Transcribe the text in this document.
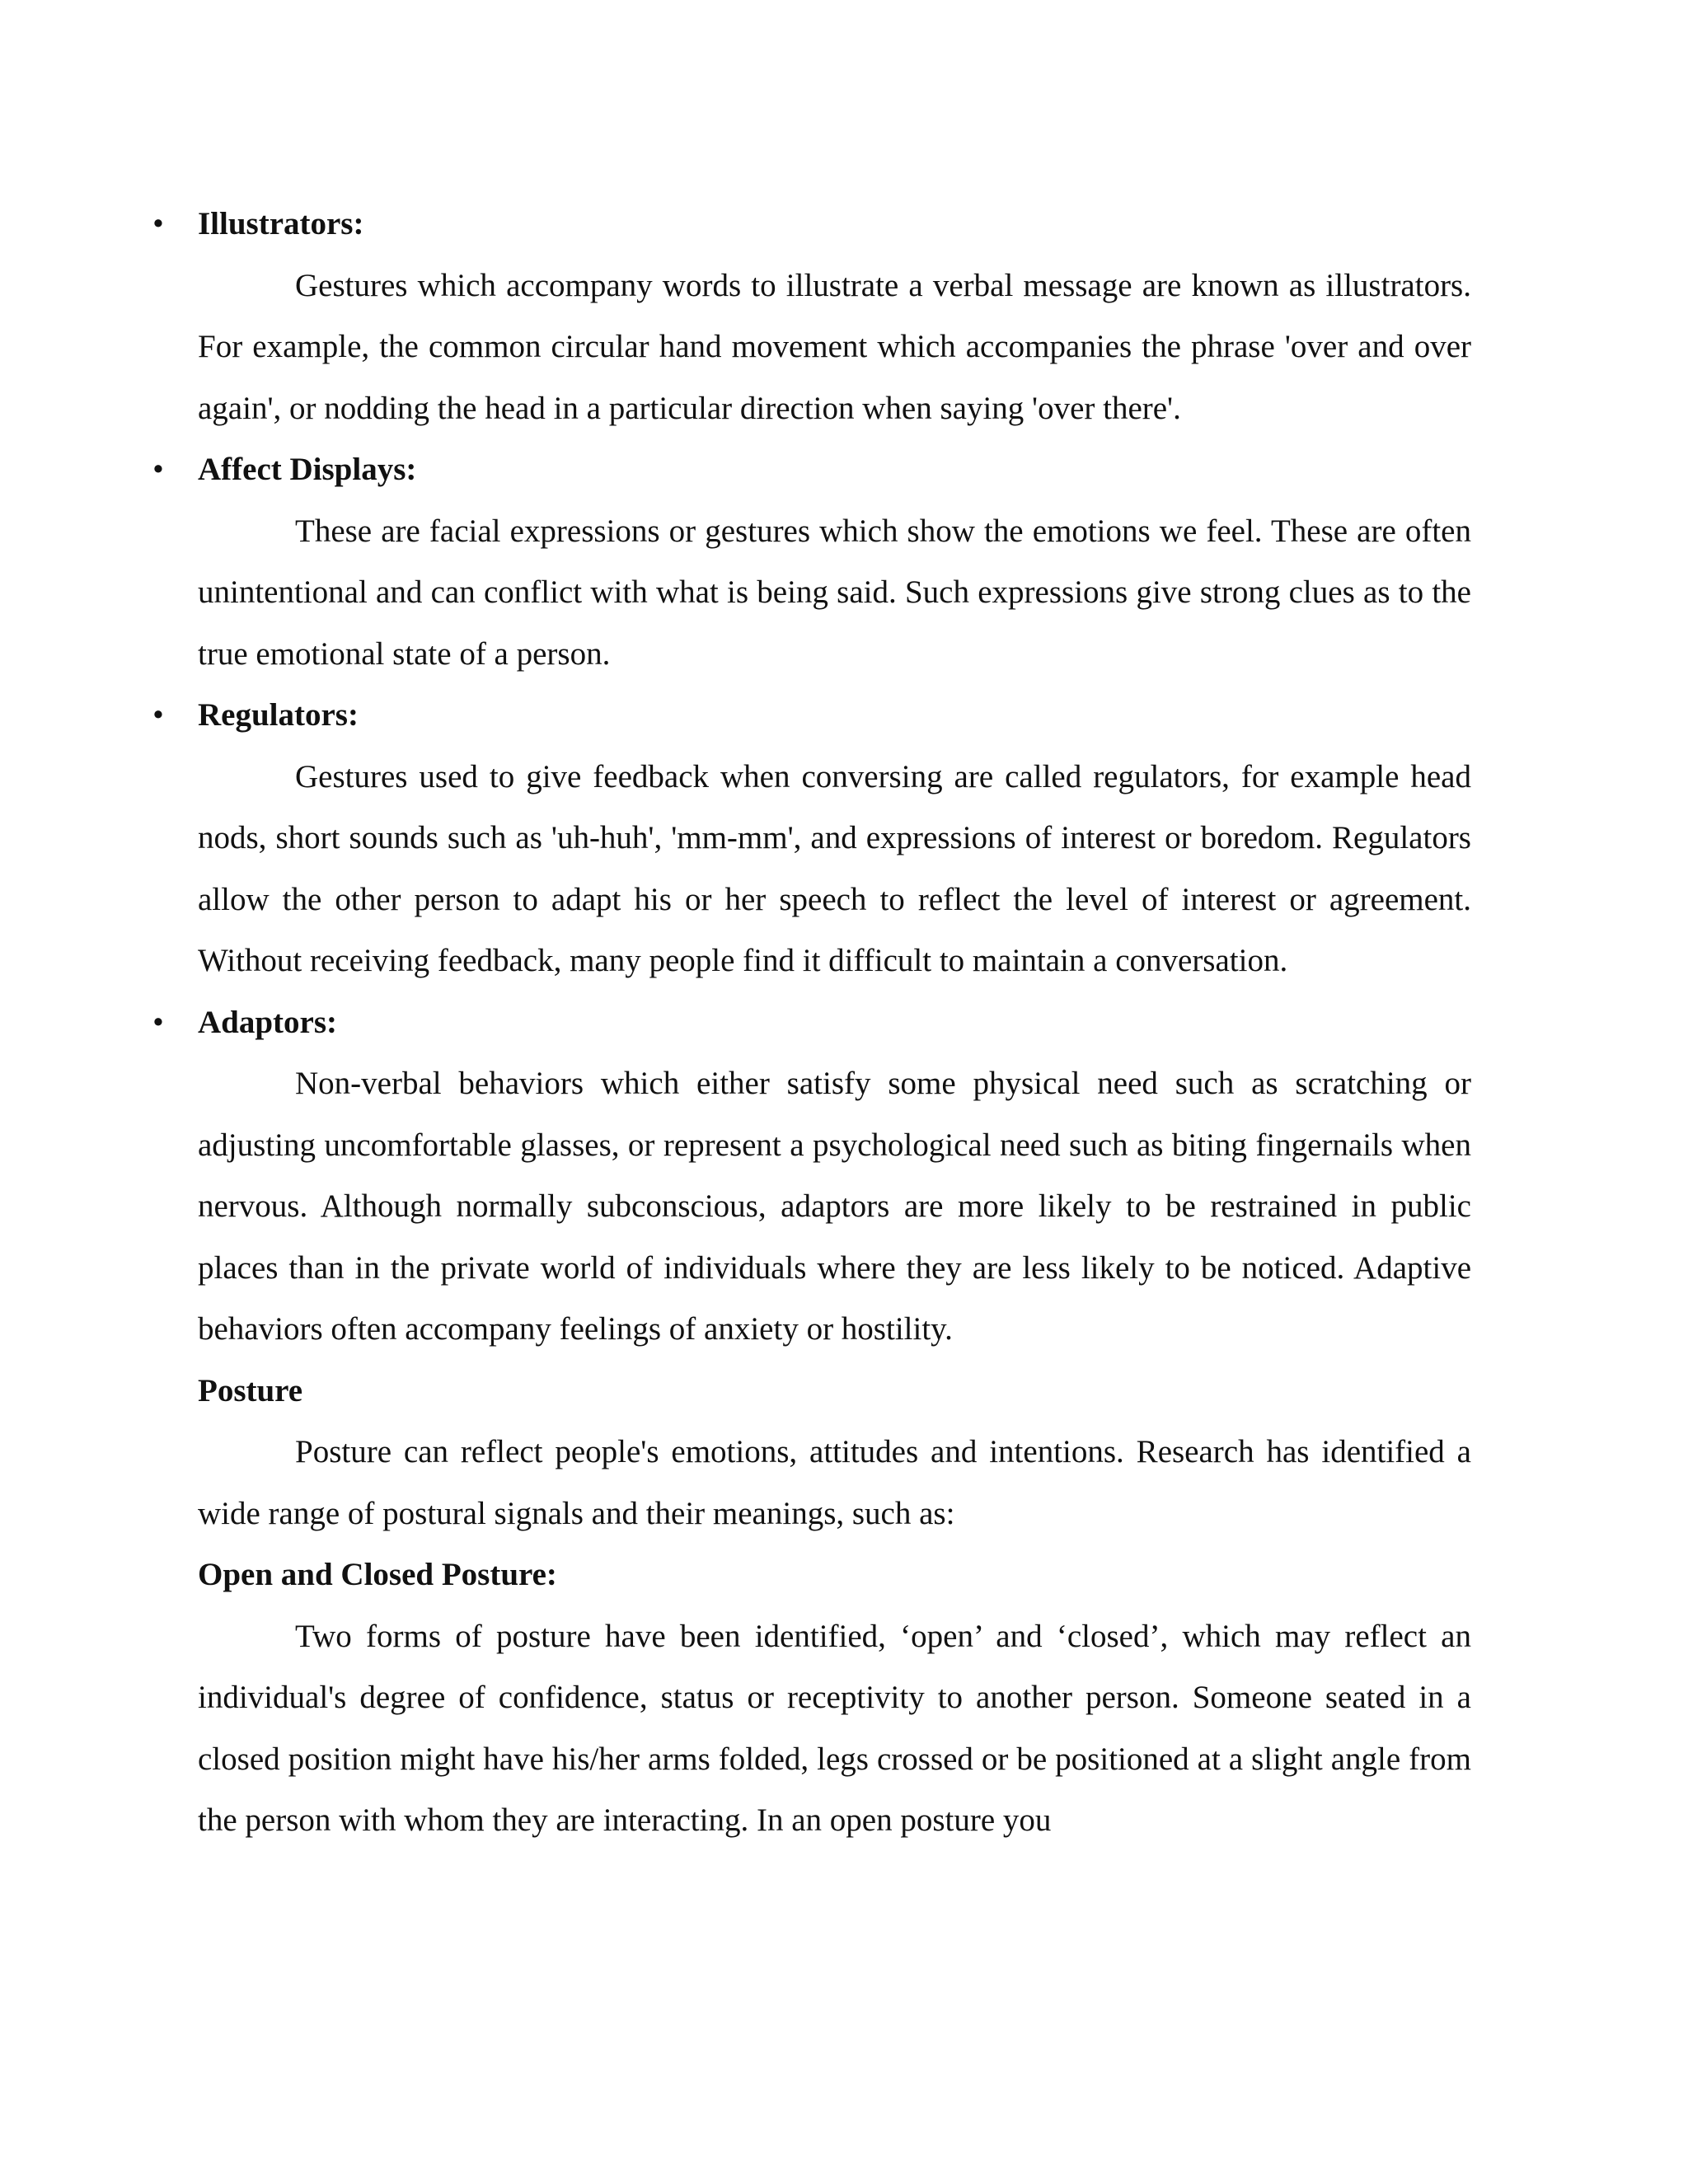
• Illustrators:

Gestures which accompany words to illustrate a verbal message are known as illustrators. For example, the common circular hand movement which accompanies the phrase 'over and over again', or nodding the head in a particular direction when saying 'over there'.

• Affect Displays:

These are facial expressions or gestures which show the emotions we feel. These are often unintentional and can conflict with what is being said. Such expressions give strong clues as to the true emotional state of a person.

• Regulators:

Gestures used to give feedback when conversing are called regulators, for example head nods, short sounds such as 'uh-huh', 'mm-mm', and expressions of interest or boredom. Regulators allow the other person to adapt his or her speech to reflect the level of interest or agreement. Without receiving feedback, many people find it difficult to maintain a conversation.

• Adaptors:

Non-verbal behaviors which either satisfy some physical need such as scratching or adjusting uncomfortable glasses, or represent a psychological need such as biting fingernails when nervous. Although normally subconscious, adaptors are more likely to be restrained in public places than in the private world of individuals where they are less likely to be noticed. Adaptive behaviors often accompany feelings of anxiety or hostility.

Posture

Posture can reflect people's emotions, attitudes and intentions. Research has identified a wide range of postural signals and their meanings, such as:

Open and Closed Posture:

Two forms of posture have been identified, ‘open’ and ‘closed’, which may reflect an individual's degree of confidence, status or receptivity to another person. Someone seated in a closed position might have his/her arms folded, legs crossed or be positioned at a slight angle from the person with whom they are interacting. In an open posture you
